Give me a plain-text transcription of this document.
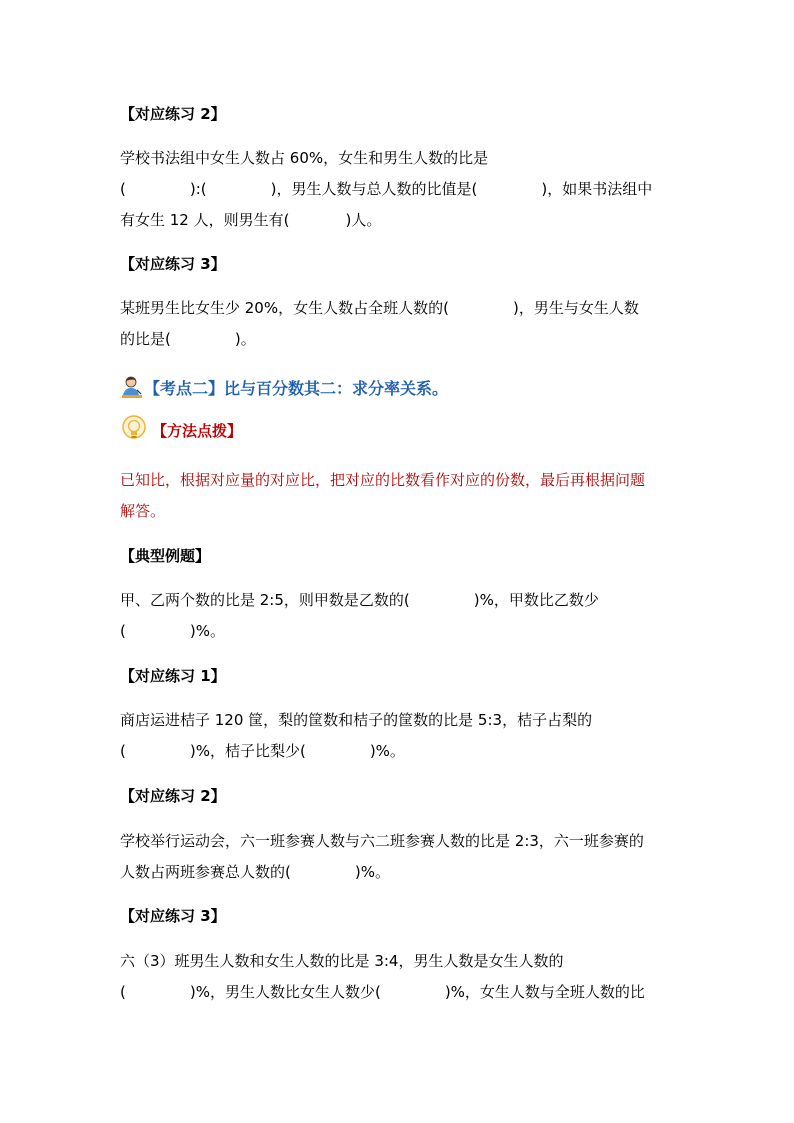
【对应练习 2】
学校书法组中女生人数占 60%，女生和男生人数的比是
(	):(	)，男生人数与总人数的比值是(	)，如果书法组中
有女生 12 人，则男生有(	)人。
【对应练习 3】
某班男生比女生少 20%，女生人数占全班人数的(	)，男生与女生人数
的比是(	)。
【考点二】比与百分数其二：求分率关系。
【方法点拨】
已知比，根据对应量的对应比，把对应的比数看作对应的份数，最后再根据问题
解答。
【典型例题】
甲、乙两个数的比是 2:5，则甲数是乙数的(	)%，甲数比乙数少
(	)%。
【对应练习 1】
商店运进桔子 120 筐，梨的筐数和桔子的筐数的比是 5:3，桔子占梨的
(	)%，桔子比梨少(	)%。
【对应练习 2】
学校举行运动会，六一班参赛人数与六二班参赛人数的比是 2:3，六一班参赛的
人数占两班参赛总人数的(	)%。
【对应练习 3】
六（3）班男生人数和女生人数的比是 3:4，男生人数是女生人数的
(	)%，男生人数比女生人数少(	)%，女生人数与全班人数的比
